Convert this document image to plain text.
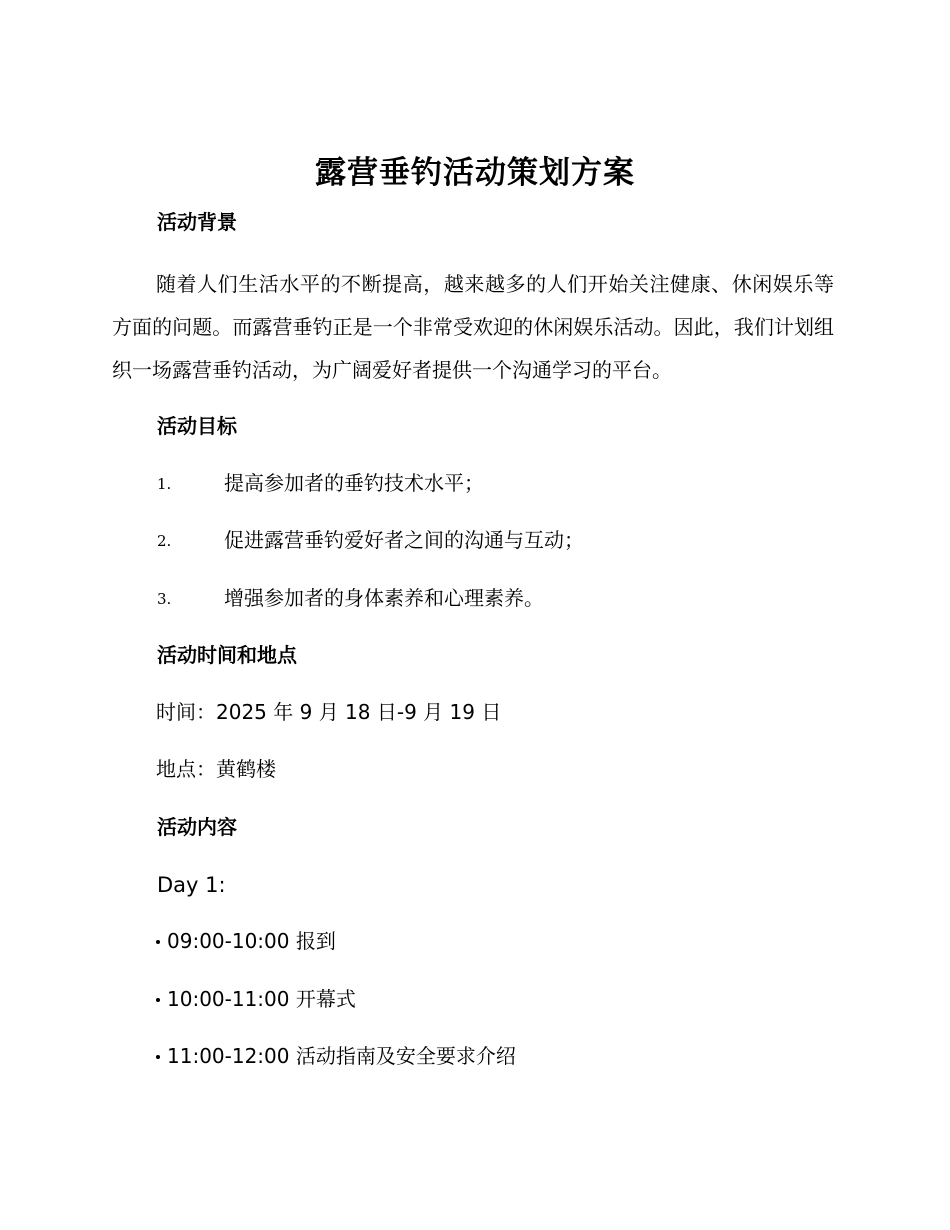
露营垂钓活动策划方案
活动背景
随着人们生活水平的不断提高，越来越多的人们开始关注健康、休闲娱乐等方面的问题。而露营垂钓正是一个非常受欢迎的休闲娱乐活动。因此，我们计划组织一场露营垂钓活动，为广阔爱好者提供一个沟通学习的平台。
活动目标
1.	提高参加者的垂钓技术水平；
2.	促进露营垂钓爱好者之间的沟通与互动；
3.	增强参加者的身体素养和心理素养。
活动时间和地点
时间：2025 年 9 月 18 日-9 月 19 日
地点：黄鹤楼
活动内容
Day 1:
09:00-10:00 报到
10:00-11:00 开幕式
11:00-12:00 活动指南及安全要求介绍
